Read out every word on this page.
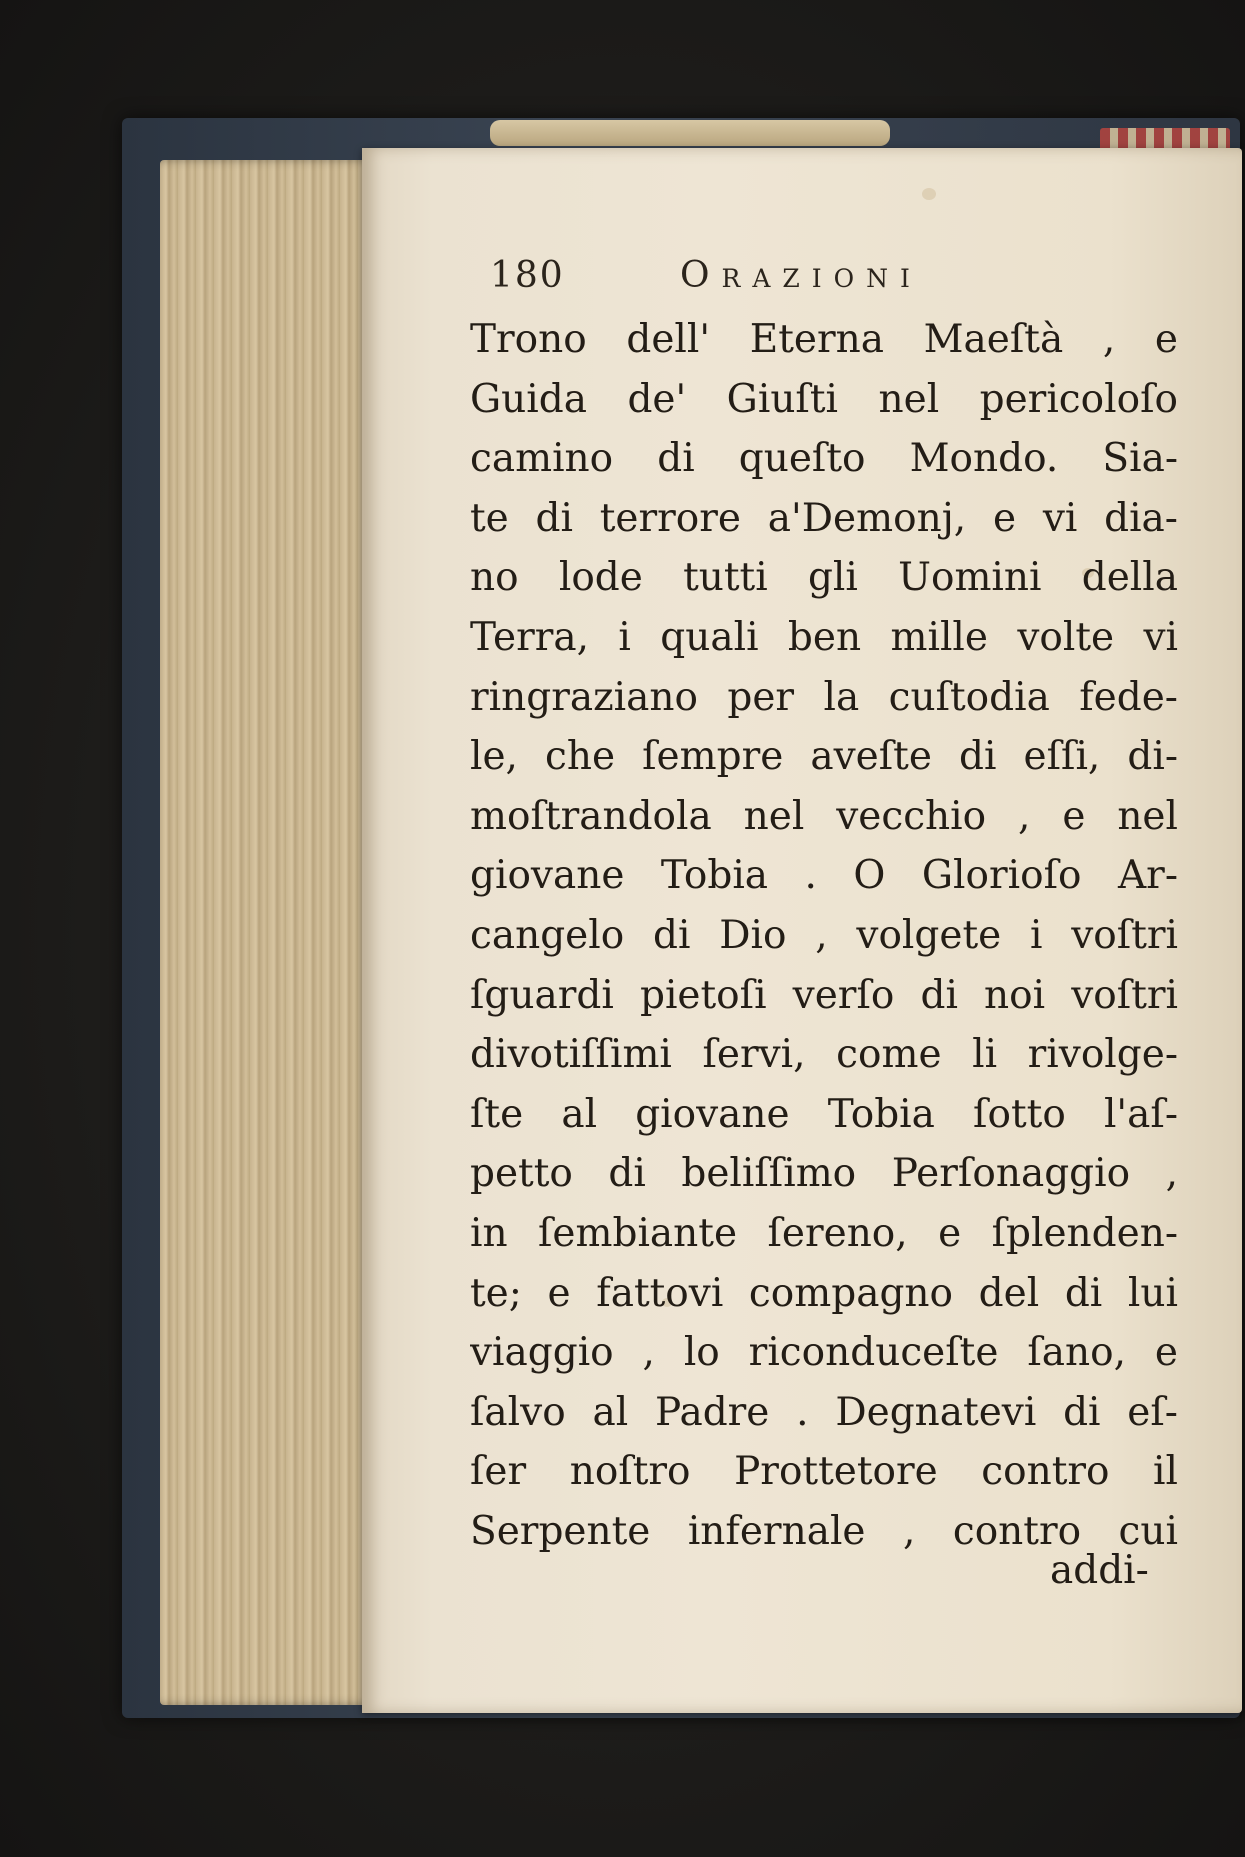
180	Orazioni
Trono dell' Eterna Maeſtà , e
Guida de' Giuſti nel pericoloſo
camino di queſto Mondo. Sia-
te di terrore a'Demonj, e vi dia-
no lode tutti gli Uomini della
Terra, i quali ben mille volte vi
ringraziano per la cuſtodia fede-
le, che ſempre aveſte di eſſi, di-
moſtrandola nel vecchio , e nel
giovane Tobia . O Glorioſo Ar-
cangelo di Dio , volgete i voſtri
ſguardi pietoſi verſo di noi voſtri
divotiſſimi ſervi, come li rivolge-
ſte al giovane Tobia ſotto l'aſ-
petto di beliſſimo Perſonaggio ,
in ſembiante ſereno, e ſplenden-
te; e fattovi compagno del di lui
viaggio , lo riconduceſte ſano, e
ſalvo al Padre . Degnatevi di eſ-
ſer noſtro Prottetore contro il
Serpente infernale , contro cui
addi-
